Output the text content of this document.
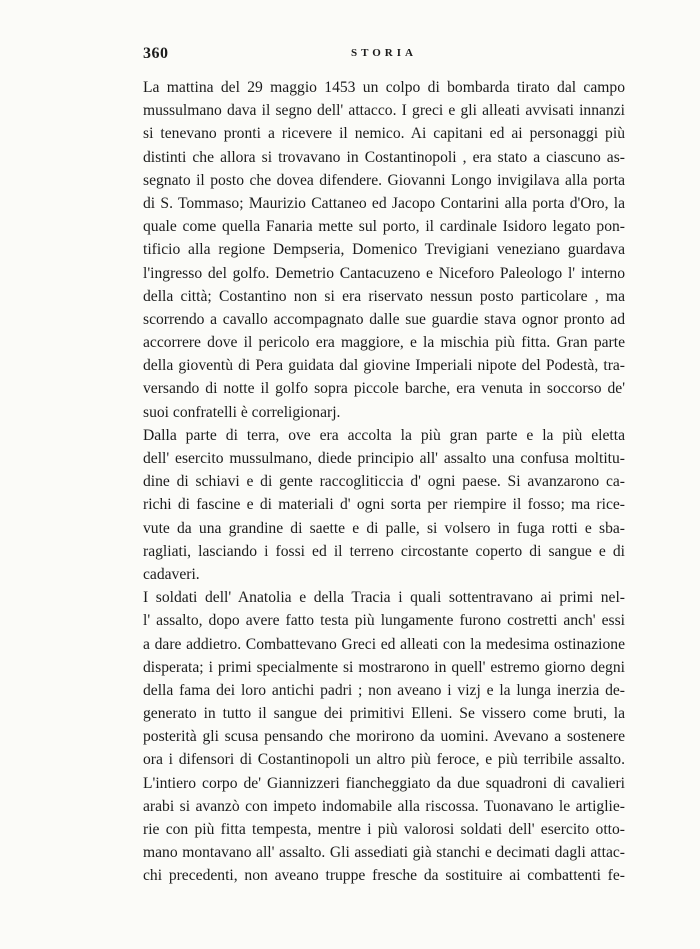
360	STORIA
La mattina del 29 maggio 1453 un colpo di bombarda tirato dal campo
mussulmano dava il segno dell' attacco. I greci e gli alleati avvisati innanzi
si tenevano pronti a ricevere il nemico. Ai capitani ed ai personaggi più
distinti che allora si trovavano in Costantinopoli , era stato a ciascuno as-
segnato il posto che dovea difendere. Giovanni Longo invigilava alla porta
di S. Tommaso; Maurizio Cattaneo ed Jacopo Contarini alla porta d'Oro, la
quale come quella Fanaria mette sul porto, il cardinale Isidoro legato pon-
tificio alla regione Dempseria, Domenico Trevigiani veneziano guardava
l'ingresso del golfo. Demetrio Cantacuzeno e Niceforo Paleologo l' interno
della città; Costantino non si era riservato nessun posto particolare , ma
scorrendo a cavallo accompagnato dalle sue guardie stava ognor pronto ad
accorrere dove il pericolo era maggiore, e la mischia più fitta. Gran parte
della gioventù di Pera guidata dal giovine Imperiali nipote del Podestà, tra-
versando di notte il golfo sopra piccole barche, era venuta in soccorso de'
suoi confratelli è correligionarj.
Dalla parte di terra, ove era accolta la più gran parte e la più eletta
dell' esercito mussulmano, diede principio all' assalto una confusa moltitu-
dine di schiavi e di gente raccogliticcia d' ogni paese. Si avanzarono ca-
richi di fascine e di materiali d' ogni sorta per riempire il fosso; ma rice-
vute da una grandine di saette e di palle, si volsero in fuga rotti e sba-
ragliati, lasciando i fossi ed il terreno circostante coperto di sangue e di
cadaveri.
I soldati dell' Anatolia e della Tracia i quali sottentravano ai primi nel-
l' assalto, dopo avere fatto testa più lungamente furono costretti anch' essi
a dare addietro. Combattevano Greci ed alleati con la medesima ostinazione
disperata; i primi specialmente si mostrarono in quell' estremo giorno degni
della fama dei loro antichi padri ; non aveano i vizj e la lunga inerzia de-
generato in tutto il sangue dei primitivi Elleni. Se vissero come bruti, la
posterità gli scusa pensando che morirono da uomini. Avevano a sostenere
ora i difensori di Costantinopoli un altro più feroce, e più terribile assalto.
L'intiero corpo de' Giannizzeri fiancheggiato da due squadroni di cavalieri
arabi si avanzò con impeto indomabile alla riscossa. Tuonavano le artiglie-
rie con più fitta tempesta, mentre i più valorosi soldati dell' esercito otto-
mano montavano all' assalto. Gli assediati già stanchi e decimati dagli attac-
chi precedenti, non aveano truppe fresche da sostituire ai combattenti fe-
